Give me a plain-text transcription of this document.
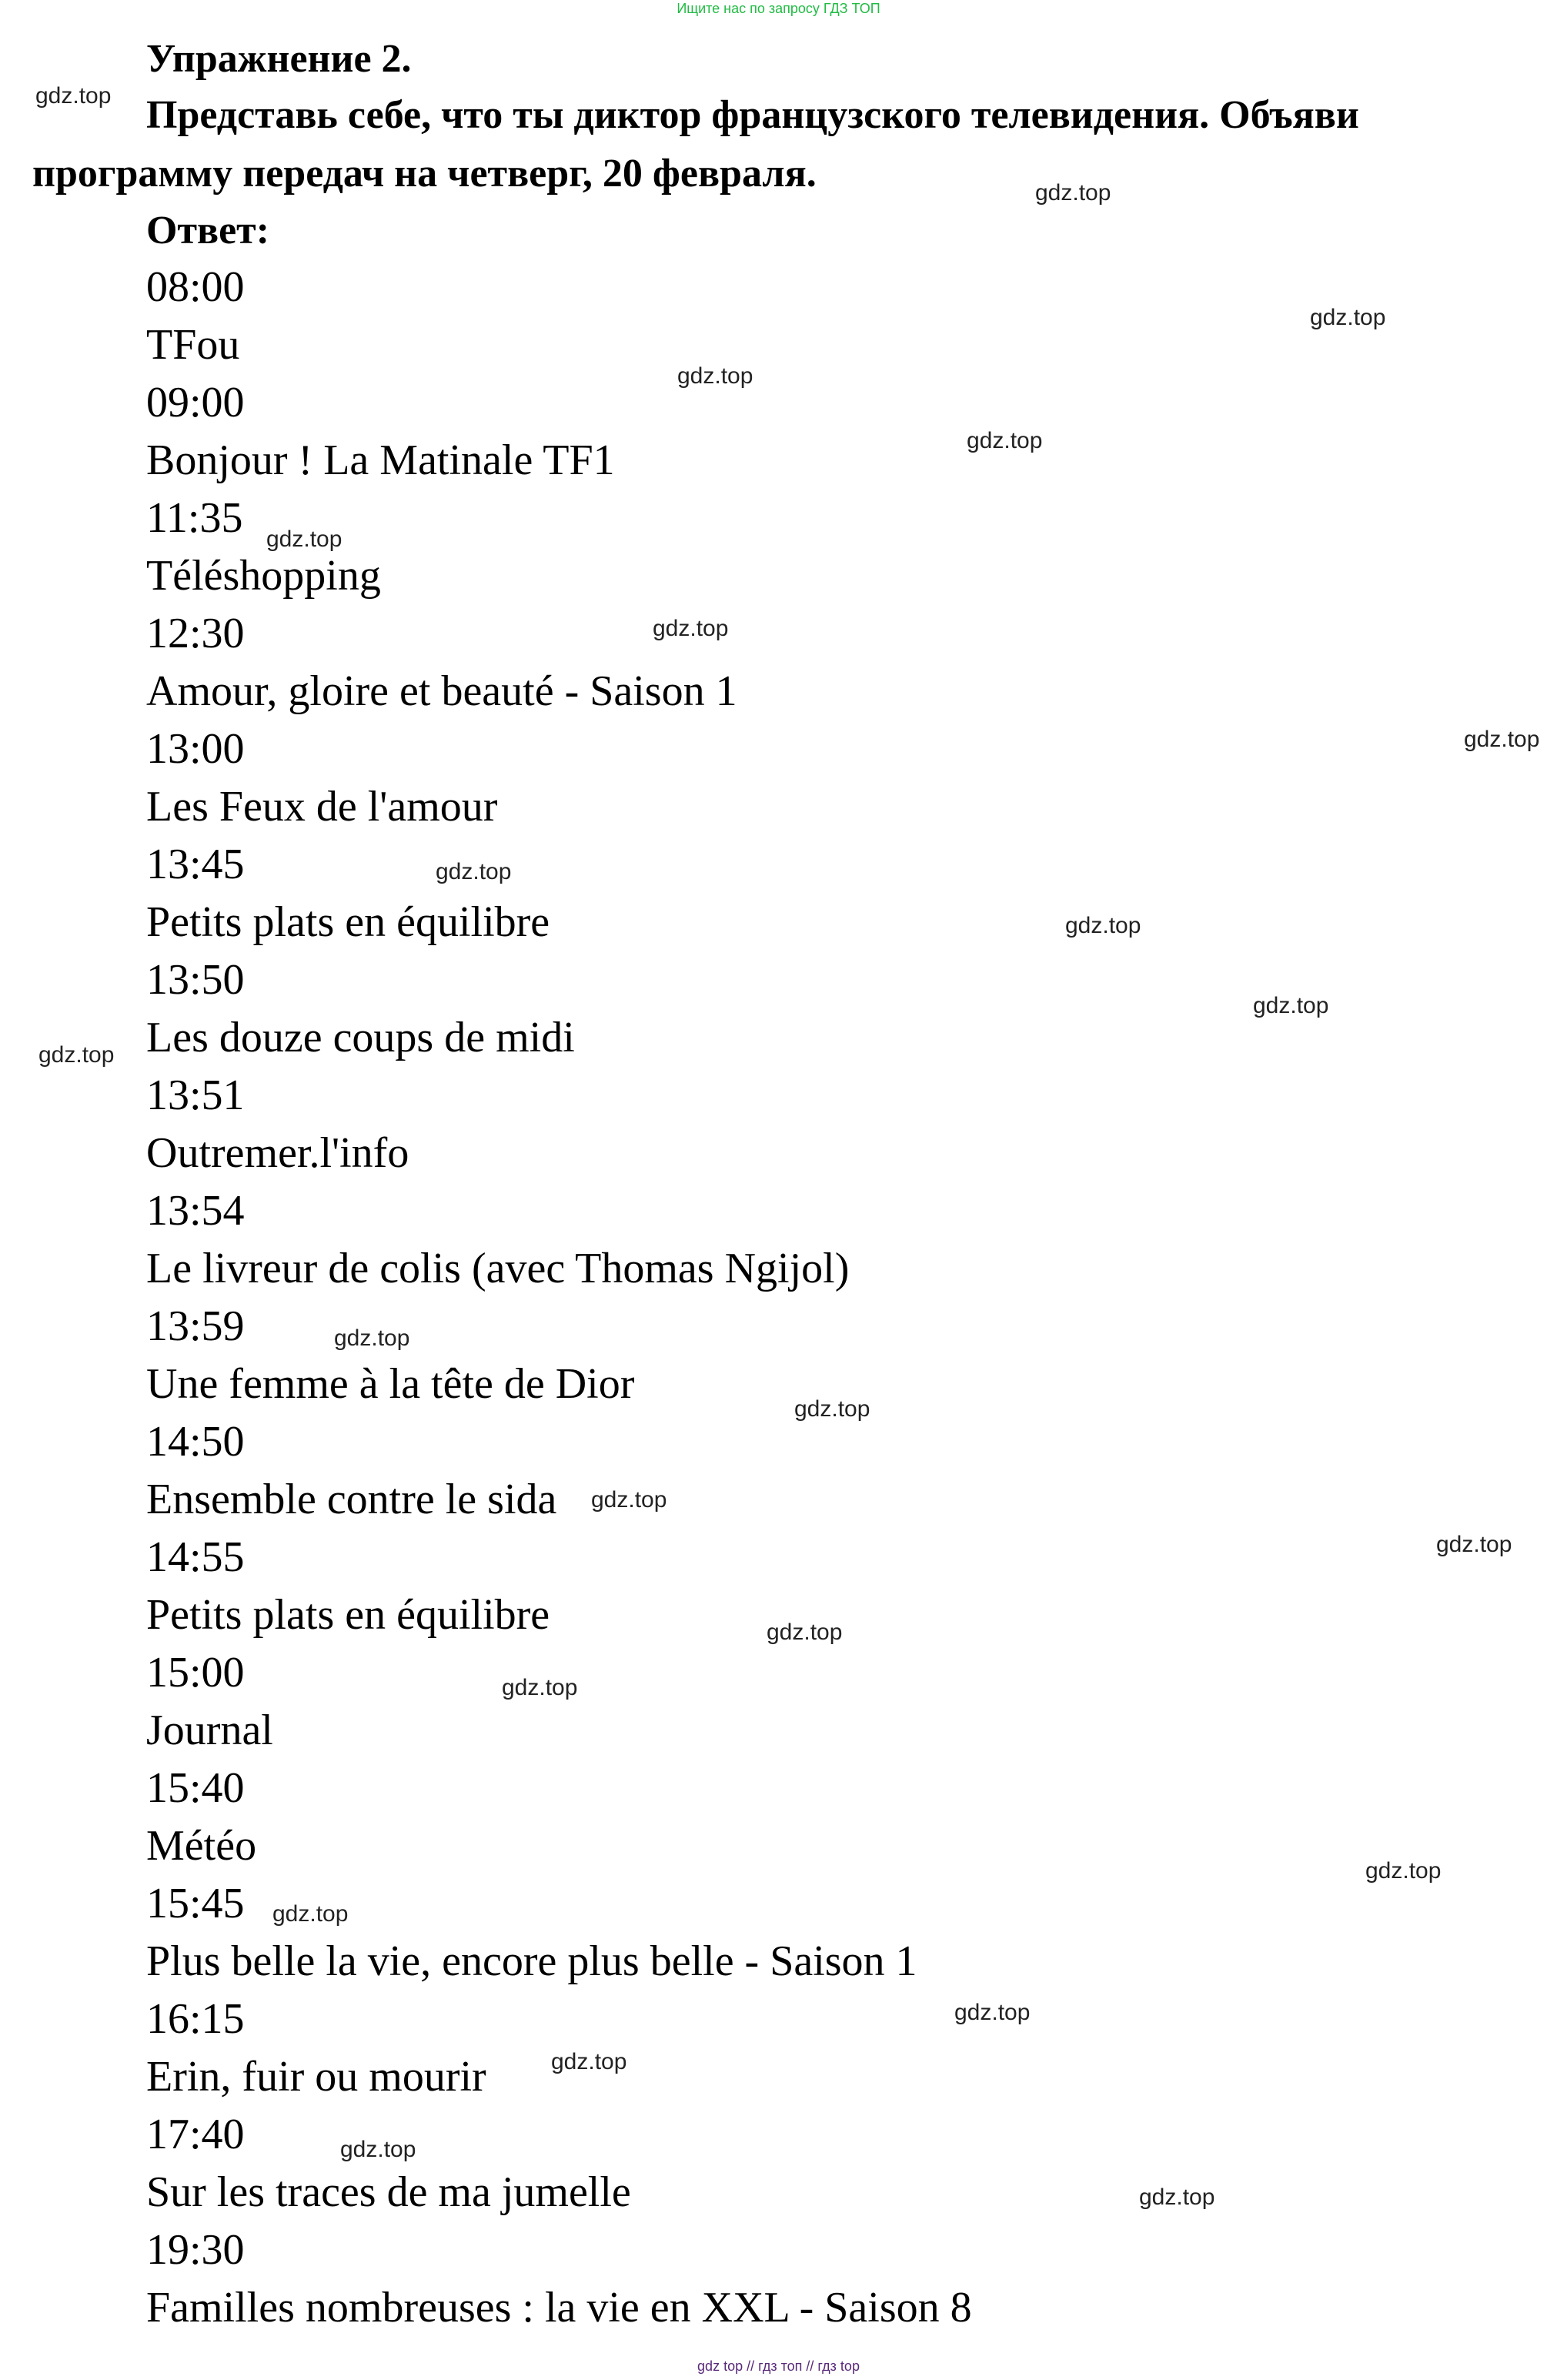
Ищите нас по запросу ГДЗ ТОП
Упражнение 2.

Представь себе, что ты диктор французского телевидения. Объяви программу передач на четверг, 20 февраля.

Ответ:
08:00
TFou
09:00
Bonjour ! La Matinale TF1
11:35
Téléshopping
12:30
Amour, gloire et beauté - Saison 1
13:00
Les Feux de l'amour
13:45
Petits plats en équilibre
13:50
Les douze coups de midi
13:51
Outremer.l'info
13:54
Le livreur de colis (avec Thomas Ngijol)
13:59
Une femme à la tête de Dior
14:50
Ensemble contre le sida
14:55
Petits plats en équilibre
15:00
Journal
15:40
Météo
15:45
Plus belle la vie, encore plus belle - Saison 1
16:15
Erin, fuir ou mourir
17:40
Sur les traces de ma jumelle
19:30
Familles nombreuses : la vie en XXL - Saison 8
gdz.top
gdz.top
gdz.top
gdz.top
gdz.top
gdz.top
gdz.top
gdz.top
gdz.top
gdz.top
gdz.top
gdz.top
gdz.top
gdz.top
gdz.top
gdz.top
gdz.top
gdz.top
gdz.top
gdz.top
gdz.top
gdz.top
gdz.top
gdz.top
gdz top // гдз топ // гдз top
